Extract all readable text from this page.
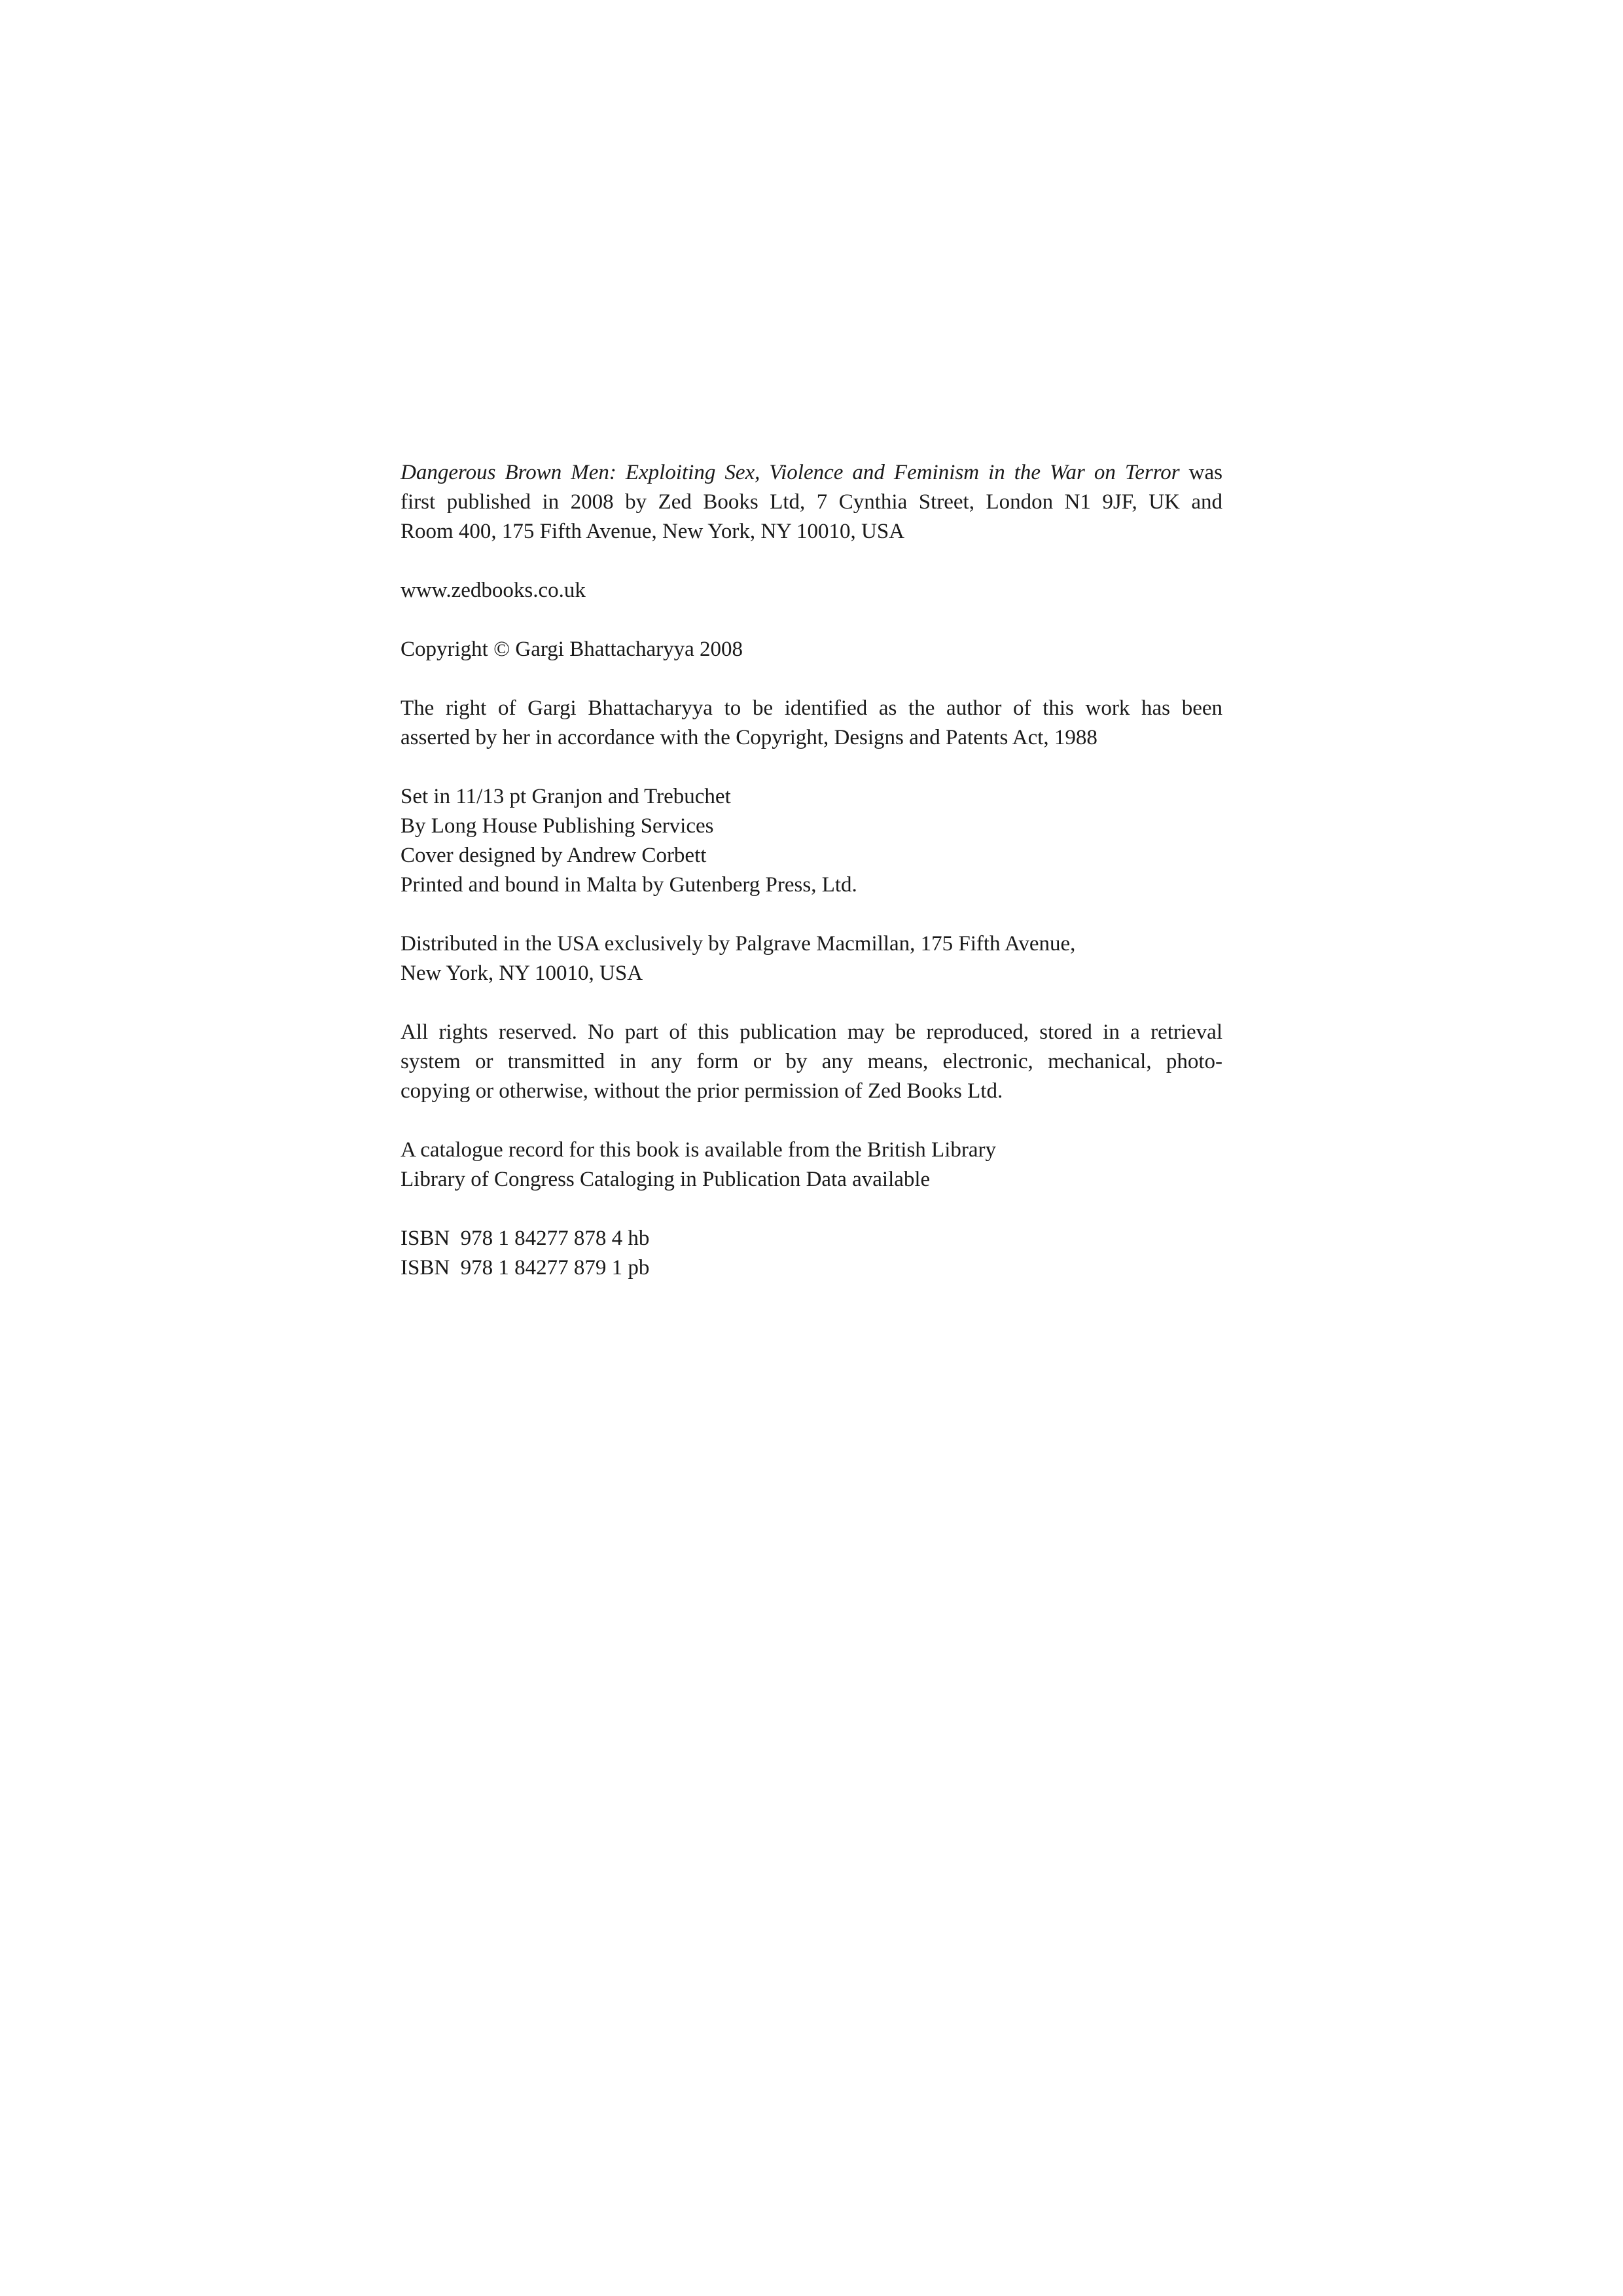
Dangerous Brown Men: Exploiting Sex, Violence and Feminism in the War on Terror was
first published in 2008 by Zed Books Ltd, 7 Cynthia Street, London N1 9JF, UK and
Room 400, 175 Fifth Avenue, New York, NY 10010, USA

www.zedbooks.co.uk

Copyright © Gargi Bhattacharyya 2008

The right of Gargi Bhattacharyya to be identified as the author of this work has been
asserted by her in accordance with the Copyright, Designs and Patents Act, 1988

Set in 11/13 pt Granjon and Trebuchet
By Long House Publishing Services
Cover designed by Andrew Corbett
Printed and bound in Malta by Gutenberg Press, Ltd.

Distributed in the USA exclusively by Palgrave Macmillan, 175 Fifth Avenue,
New York, NY 10010, USA

All rights reserved. No part of this publication may be reproduced, stored in a retrieval
system or transmitted in any form or by any means, electronic, mechanical, photo-
copying or otherwise, without the prior permission of Zed Books Ltd.

A catalogue record for this book is available from the British Library
Library of Congress Cataloging in Publication Data available

ISBN  978 1 84277 878 4 hb
ISBN  978 1 84277 879 1 pb
